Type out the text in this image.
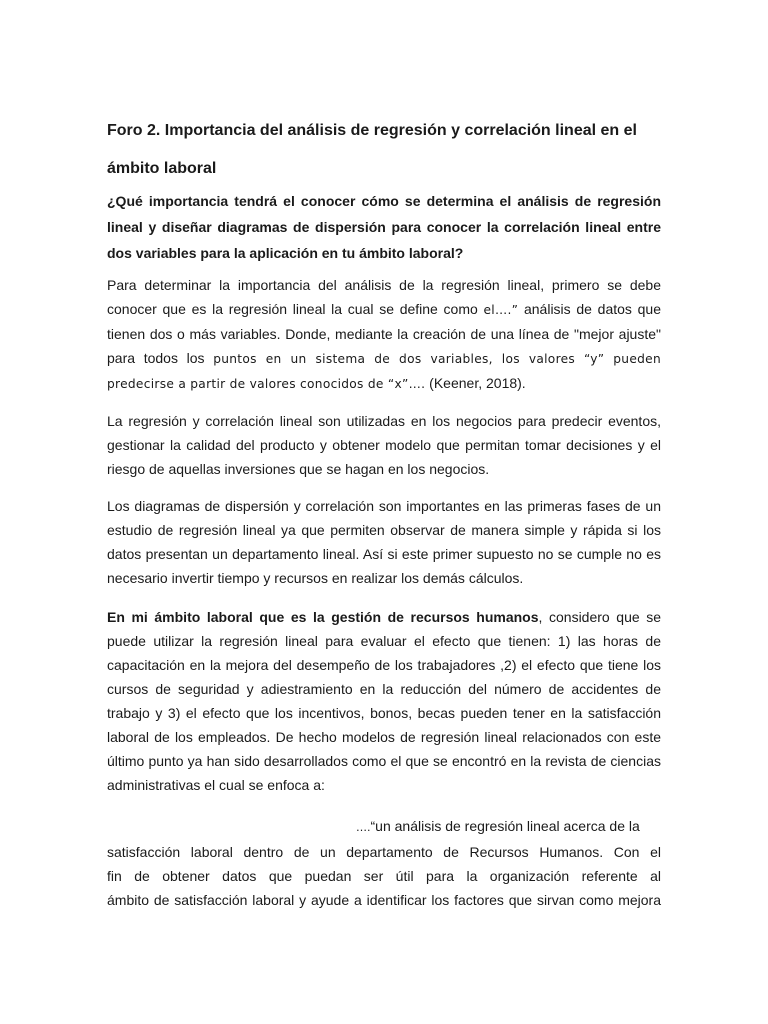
Foro 2. Importancia del análisis de regresión y correlación lineal en el

ámbito laboral

¿Qué importancia tendrá el conocer cómo se determina el análisis de regresión lineal y diseñar diagramas de dispersión para conocer la correlación lineal entre dos variables para la aplicación en tu ámbito laboral?

Para determinar la importancia del análisis de la regresión lineal, primero se debe conocer que es la regresión lineal la cual se define como el….” análisis de datos que tienen dos o más variables. Donde, mediante la creación de una línea de "mejor ajuste" para todos los puntos en un sistema de dos variables, los valores “y” pueden predecirse a partir de valores conocidos de “x”…. (Keener, 2018).

La regresión y correlación lineal son utilizadas en los negocios para predecir eventos, gestionar la calidad del producto y obtener modelo que permitan tomar decisiones y el riesgo de aquellas inversiones que se hagan en los negocios.

Los diagramas de dispersión y correlación son importantes en las primeras fases de un estudio de regresión lineal ya que permiten observar de manera simple y rápida si los datos presentan un departamento lineal. Así si este primer supuesto no se cumple no es necesario invertir tiempo y recursos en realizar los demás cálculos.

En mi ámbito laboral que es la gestión de recursos humanos, considero que se puede utilizar la regresión lineal para evaluar el efecto que tienen: 1) las horas de capacitación en la mejora del desempeño de los trabajadores ,2) el efecto que tiene los cursos de seguridad y adiestramiento en la reducción del número de accidentes de trabajo y 3) el efecto que los incentivos, bonos, becas pueden tener en la satisfacción laboral de los empleados. De hecho modelos de regresión lineal relacionados con este último punto ya han sido desarrollados como el que se encontró en la revista de ciencias administrativas el cual se enfoca a:

….“un análisis de regresión lineal acerca de la

satisfacción laboral dentro de un departamento de Recursos Humanos. Con el
fin de obtener datos que puedan ser útil para la organización referente al
ámbito de satisfacción laboral y ayude a identificar los factores que sirvan como mejora
